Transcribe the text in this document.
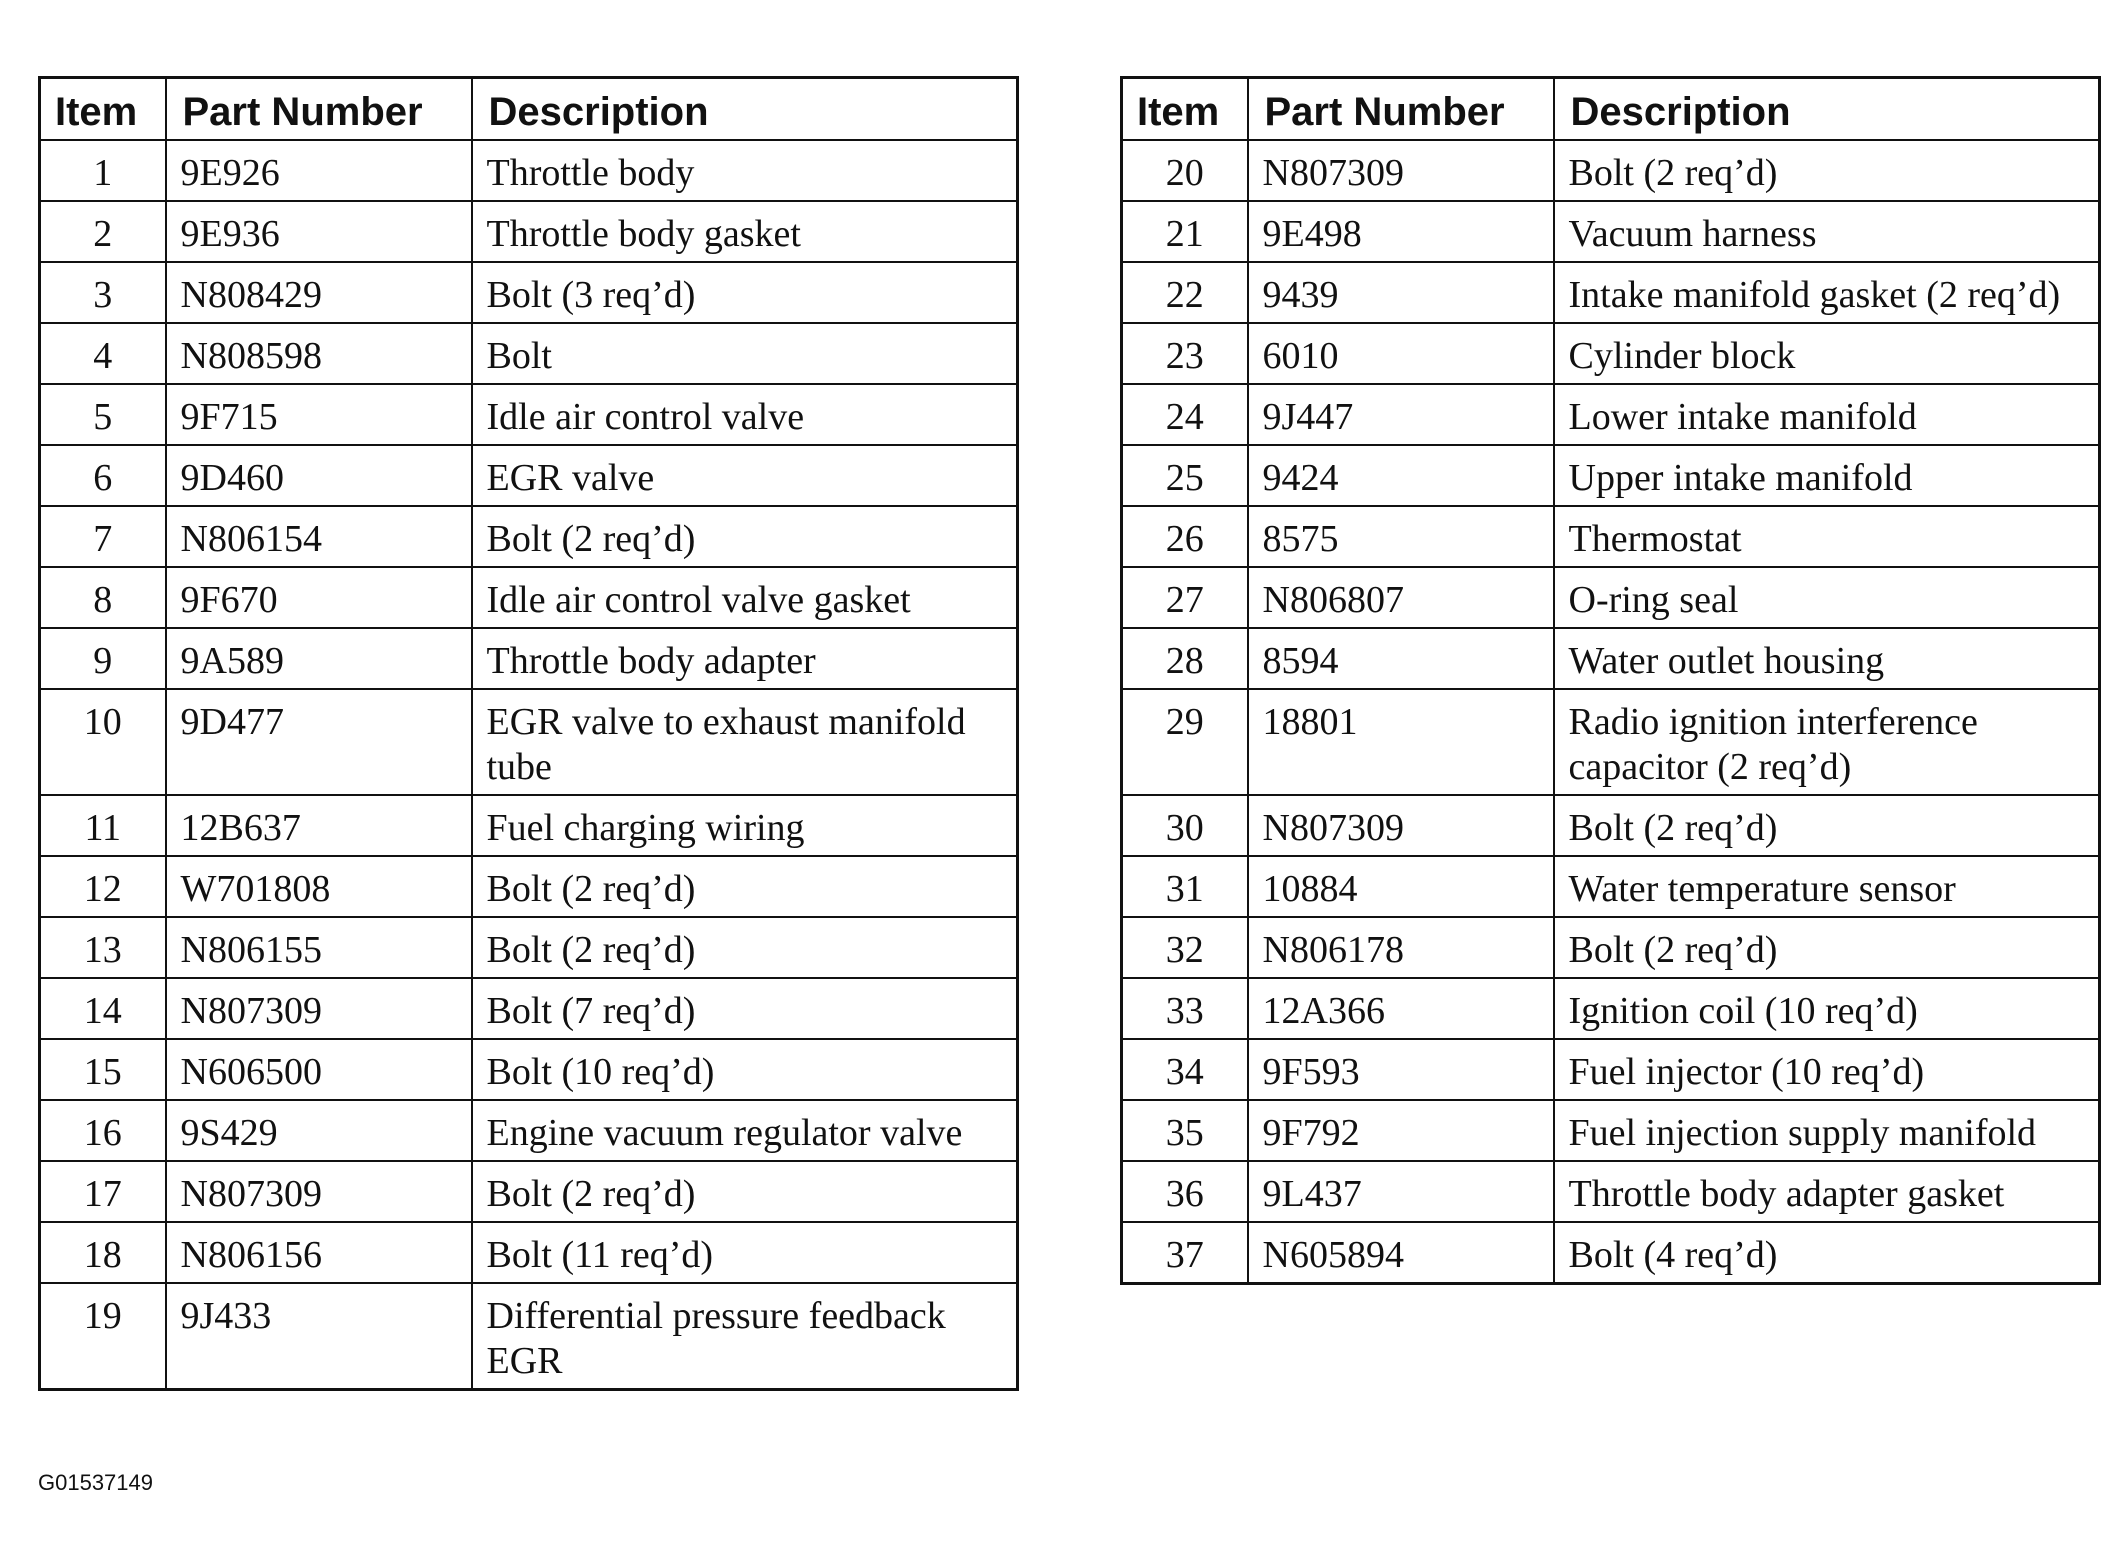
Item	Part Number	Description
1	9E926	Throttle body
2	9E936	Throttle body gasket
3	N808429	Bolt (3 req’d)
4	N808598	Bolt
5	9F715	Idle air control valve
6	9D460	EGR valve
7	N806154	Bolt (2 req’d)
8	9F670	Idle air control valve gasket
9	9A589	Throttle body adapter
10	9D477	EGR valve to exhaust manifold tube
11	12B637	Fuel charging wiring
12	W701808	Bolt (2 req’d)
13	N806155	Bolt (2 req’d)
14	N807309	Bolt (7 req’d)
15	N606500	Bolt (10 req’d)
16	9S429	Engine vacuum regulator valve
17	N807309	Bolt (2 req’d)
18	N806156	Bolt (11 req’d)
19	9J433	Differential pressure feedback EGR
Item	Part Number	Description
20	N807309	Bolt (2 req’d)
21	9E498	Vacuum harness
22	9439	Intake manifold gasket (2 req’d)
23	6010	Cylinder block
24	9J447	Lower intake manifold
25	9424	Upper intake manifold
26	8575	Thermostat
27	N806807	O-ring seal
28	8594	Water outlet housing
29	18801	Radio ignition interference capacitor (2 req’d)
30	N807309	Bolt (2 req’d)
31	10884	Water temperature sensor
32	N806178	Bolt (2 req’d)
33	12A366	Ignition coil (10 req’d)
34	9F593	Fuel injector (10 req’d)
35	9F792	Fuel injection supply manifold
36	9L437	Throttle body adapter gasket
37	N605894	Bolt (4 req’d)
G01537149
